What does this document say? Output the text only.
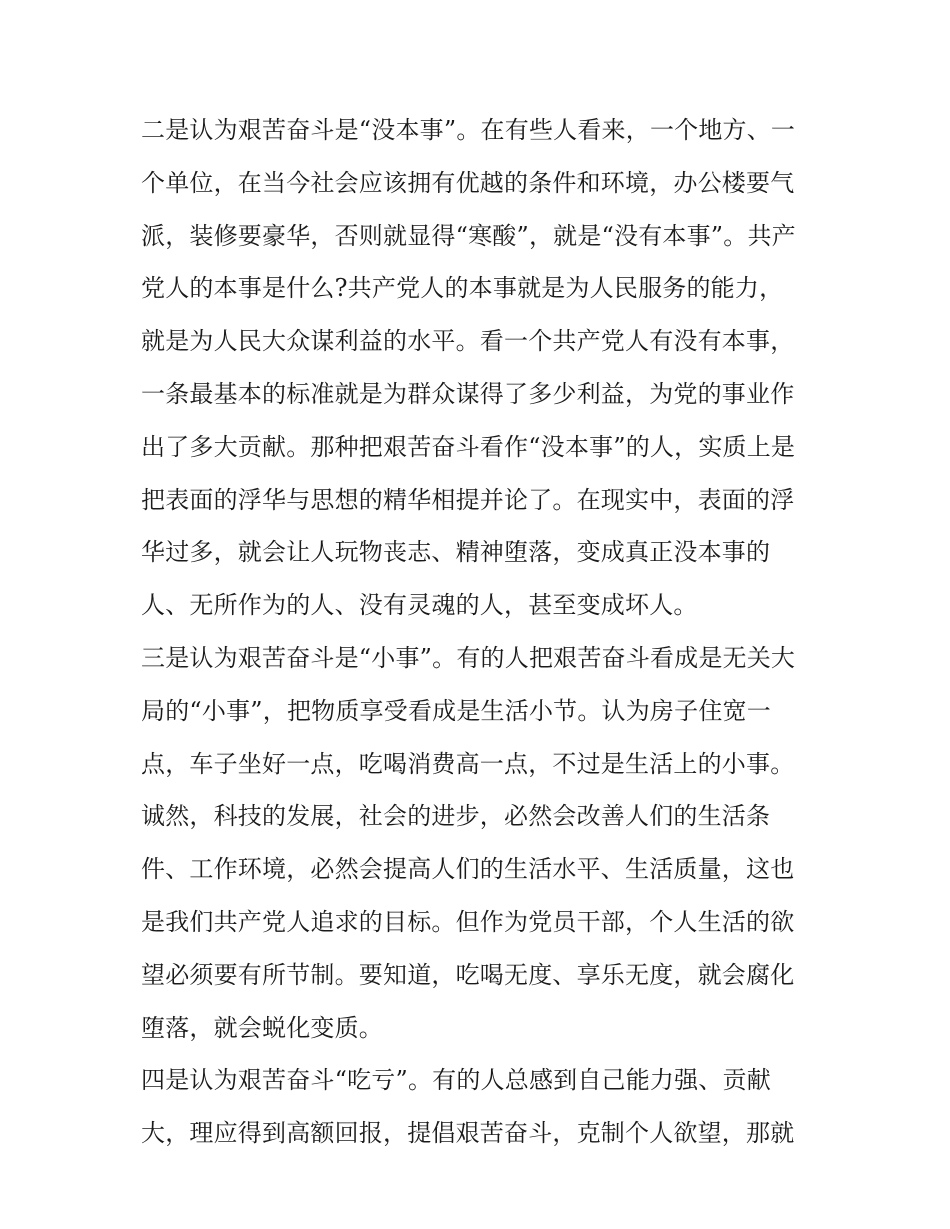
二是认为艰苦奋斗是“没本事”。在有些人看来，一个地方、一
个单位，在当今社会应该拥有优越的条件和环境，办公楼要气
派，装修要豪华，否则就显得“寒酸”，就是“没有本事”。共产
党人的本事是什么?共产党人的本事就是为人民服务的能力，
就是为人民大众谋利益的水平。看一个共产党人有没有本事，
一条最基本的标准就是为群众谋得了多少利益，为党的事业作
出了多大贡献。那种把艰苦奋斗看作“没本事”的人，实质上是
把表面的浮华与思想的精华相提并论了。在现实中，表面的浮
华过多，就会让人玩物丧志、精神堕落，变成真正没本事的
人、无所作为的人、没有灵魂的人，甚至变成坏人。
三是认为艰苦奋斗是“小事”。有的人把艰苦奋斗看成是无关大
局的“小事”，把物质享受看成是生活小节。认为房子住宽一
点，车子坐好一点，吃喝消费高一点，不过是生活上的小事。
诚然，科技的发展，社会的进步，必然会改善人们的生活条
件、工作环境，必然会提高人们的生活水平、生活质量，这也
是我们共产党人追求的目标。但作为党员干部，个人生活的欲
望必须要有所节制。要知道，吃喝无度、享乐无度，就会腐化
堕落，就会蜕化变质。
四是认为艰苦奋斗“吃亏”。有的人总感到自己能力强、贡献
大，理应得到高额回报，提倡艰苦奋斗，克制个人欲望，那就
